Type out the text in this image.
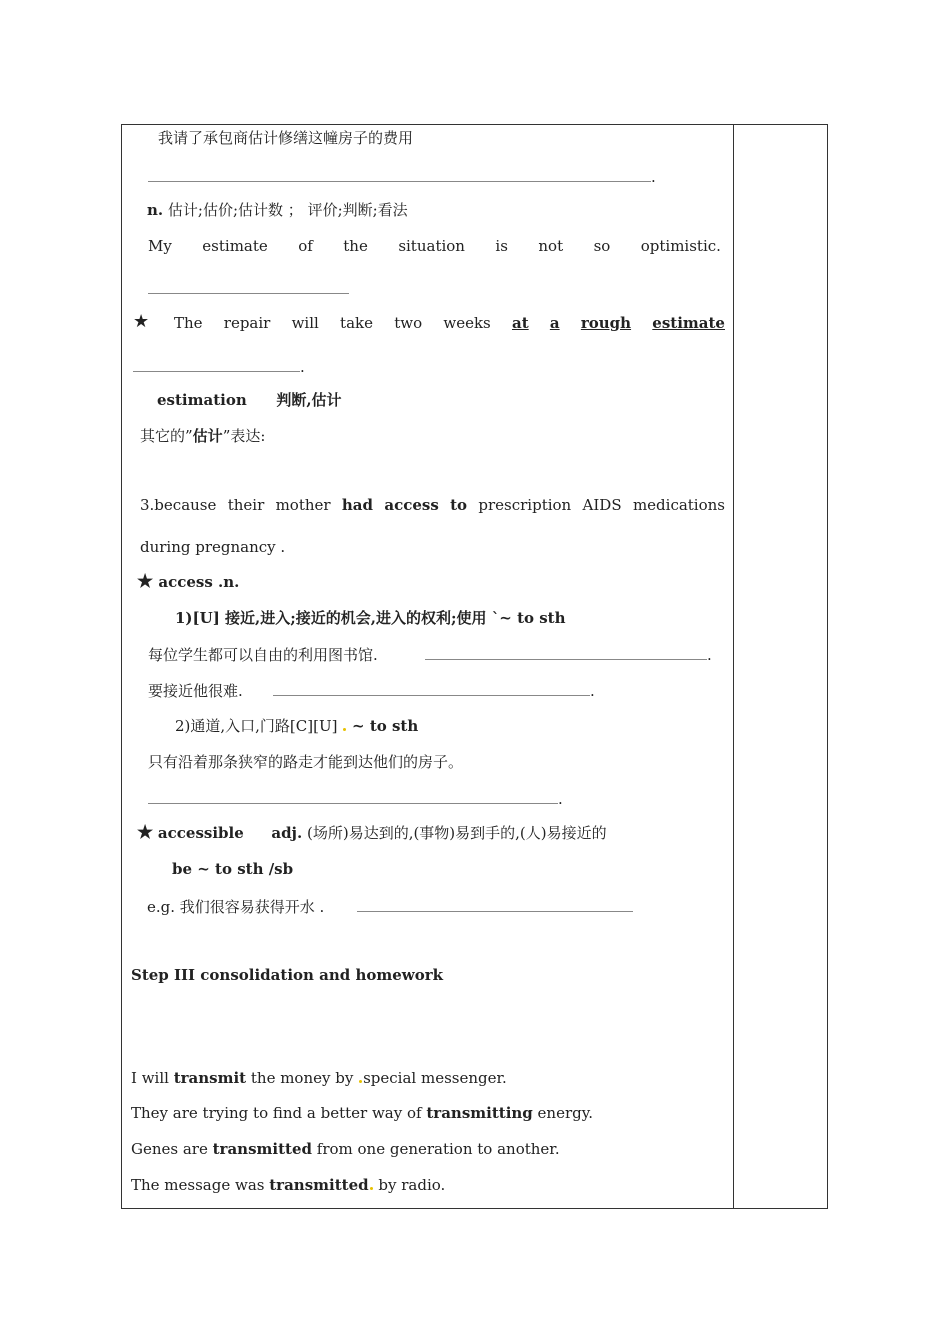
我请了承包商估计修缮这幢房子的费用
.
n. 估计;估价;估计数 ； 评价;判断;看法
My estimate of the situation is not so optimistic.
★ The repair will take two weeks at a rough estimate
.
estimation 判断,估计
其它的”估计”表达:
3.because their mother had access to prescription AIDS medications
during pregnancy .
★ access .n.
1)[U] 接近,进入;接近的机会,进入的权利;使用 `~ to sth
每位学生都可以自由的利用图书馆.	.
要接近他很难.	.
2)通道,入口,门路[C][U] ~ to sth
只有沿着那条狭窄的路走才能到达他们的房子。
.
★ accessible adj. (场所)易达到的,(事物)易到手的,(人)易接近的
be ~ to sth /sb
e.g. 我们很容易获得开水 .
Step III consolidation and homework
I will transmit the money by special messenger.
They are trying to find a better way of transmitting energy.
Genes are transmitted from one generation to another.
The message was transmitted by radio.
